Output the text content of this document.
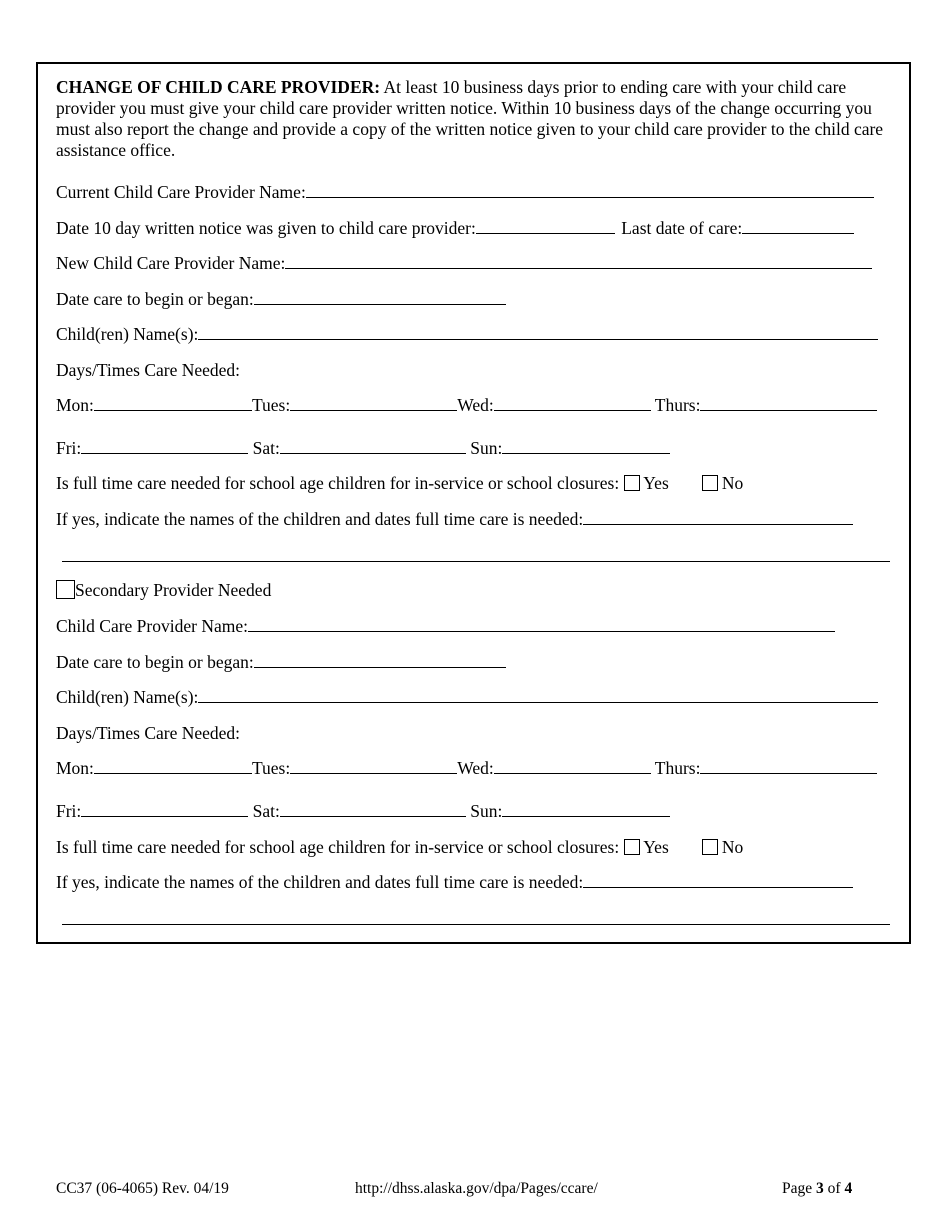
CHANGE OF CHILD CARE PROVIDER: At least 10 business days prior to ending care with your child care provider you must give your child care provider written notice. Within 10 business days of the change occurring you must also report the change and provide a copy of the written notice given to your child care provider to the child care assistance office.

Current Child Care Provider Name:
Date 10 day written notice was given to child care provider:	Last date of care:
New Child Care Provider Name:
Date care to begin or began:
Child(ren) Name(s):
Days/Times Care Needed:
Mon:	Tues:	Wed:	Thurs:
Fri:	Sat:	Sun:
Is full time care needed for school age children for in-service or school closures: Yes	No
If yes, indicate the names of the children and dates full time care is needed:
Secondary Provider Needed
Child Care Provider Name:
Date care to begin or began:
Child(ren) Name(s):
Days/Times Care Needed:
Mon:	Tues:	Wed:	Thurs:
Fri:	Sat:	Sun:
Is full time care needed for school age children for in-service or school closures: Yes	No
If yes, indicate the names of the children and dates full time care is needed:
CC37 (06-4065) Rev. 04/19	http://dhss.alaska.gov/dpa/Pages/ccare/	Page 3 of 4
